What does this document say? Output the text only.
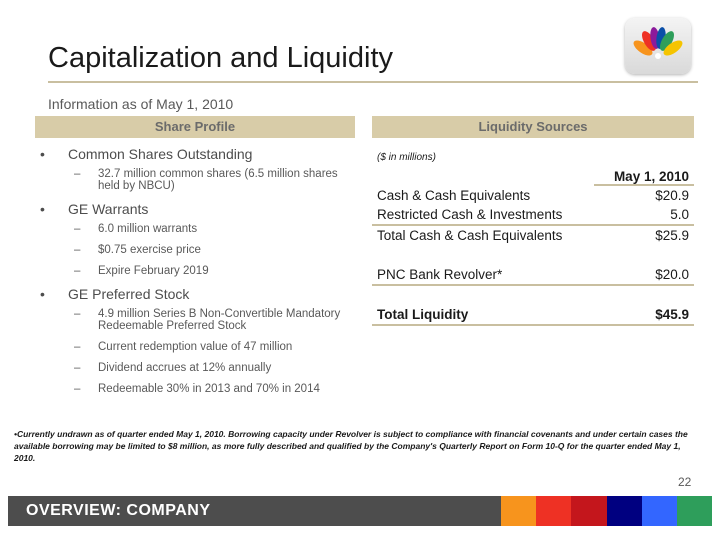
Capitalization and Liquidity
Information as of May 1, 2010
Share Profile	Liquidity Sources
• Common Shares Outstanding
– 32.7 million common shares (6.5 million shares held by NBCU)
• GE Warrants
– 6.0 million warrants
– $0.75 exercise price
– Expire February 2019
• GE Preferred Stock
– 4.9 million Series B Non-Convertible Mandatory Redeemable Preferred Stock
– Current redemption value of 47 million
– Dividend accrues at 12% annually
– Redeemable 30% in 2013 and 70% in 2014
($ in millions)
	May 1, 2010
Cash & Cash Equivalents	$20.9
Restricted Cash & Investments	5.0
Total Cash & Cash Equivalents	$25.9

PNC Bank Revolver*	$20.0

Total Liquidity	$45.9
•Currently undrawn as of quarter ended May 1, 2010. Borrowing capacity under Revolver is subject to compliance with financial covenants and under certain cases the available borrowing may be limited to $8 million, as more fully described and qualified by the Company's Quarterly Report on Form 10-Q for the quarter ended May 1, 2010.
22
OVERVIEW: COMPANY
